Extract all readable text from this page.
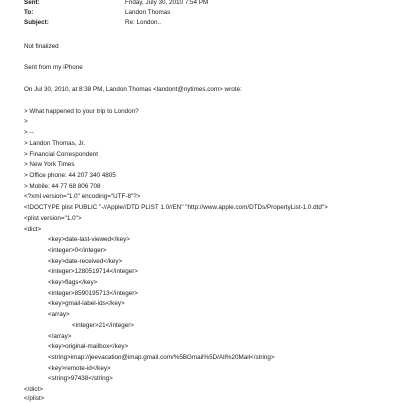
Sent:	Friday, July 30, 2010 7:54 PM
To:	Landon Thomas
Subject:	Re: London..
Not finalized
Sent from my iPhone
On Jul 30, 2010, at 8:38 PM, Landon Thomas <landont@nytimes.com> wrote:
> What happened to your trip to London?
>
> --
> Landon Thomas, Jr.
> Financial Correspondent
> New York Times
> Office phone: 44 207 340 4805
> Mobile: 44 77 68 806 708
<?xml version="1.0" encoding="UTF-8"?>
<!DOCTYPE plist PUBLIC "-//Apple//DTD PLIST 1.0//EN" "http://www.apple.com/DTDs/PropertyList-1.0.dtd">
<plist version="1.0">
<dict>
<key>date-last-viewed</key>
<integer>0</integer>
<key>date-received</key>
<integer>1280519714</integer>
<key>flags</key>
<integer>8590195713</integer>
<key>gmail-label-ids</key>
<array>
<integer>21</integer>
</array>
<key>original-mailbox</key>
<string>imap://jeevacation@imap.gmail.com/%5BGmail%5D/All%20Mail</string>
<key>remote-id</key>
<string>97438</string>
</dict>
</plist>
